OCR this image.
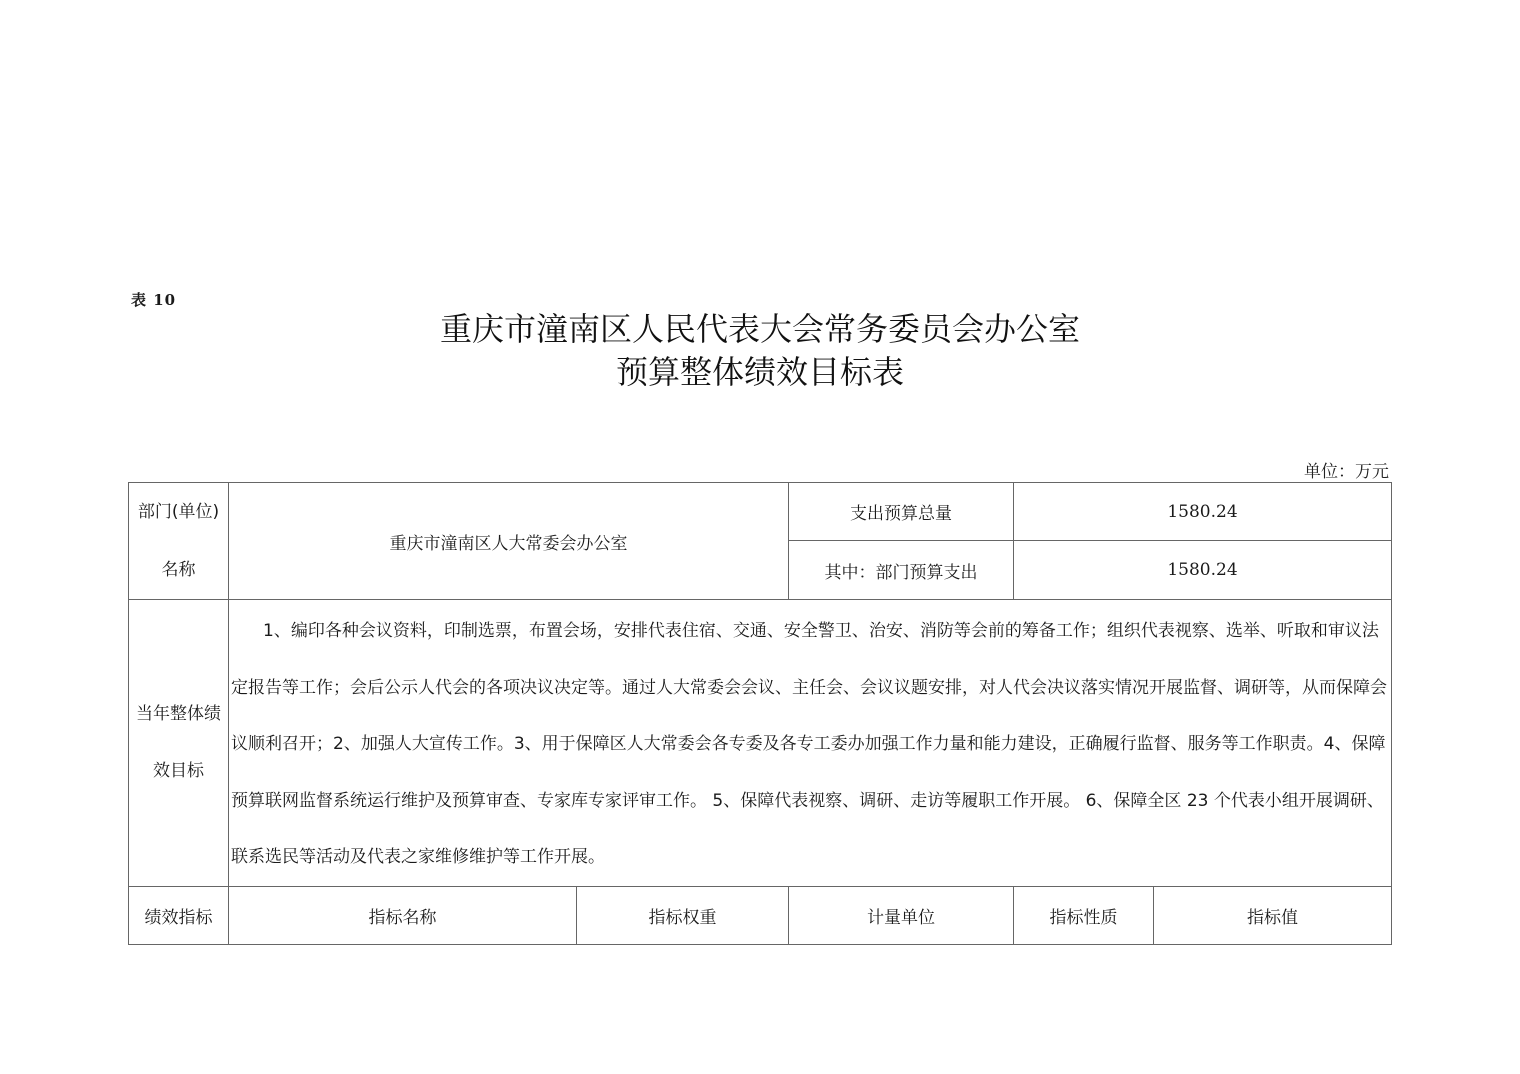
表 10
重庆市潼南区人民代表大会常务委员会办公室
预算整体绩效目标表
单位：万元
部门(单位)
名称	重庆市潼南区人大常委会办公室		支出预算总量	1580.24	
			其中：部门预算支出	1580.24	

当年整体绩
效目标	1、编印各种会议资料，印制选票，布置会场，安排代表住宿、交通、安全警卫、治安、消防等会前的筹备工作；组织代表视察、选举、听取和审议法定报告等工作；会后公示人代会的各项决议决定等。通过人大常委会会议、主任会、会议议题安排，对人代会决议落实情况开展监督、调研等，从而保障会议顺利召开；2、加强人大宣传工作。3、用于保障区人大常委会各专委及各专工委办加强工作力量和能力建设，正确履行监督、服务等工作职责。4、保障预算联网监督系统运行维护及预算审查、专家库专家评审工作。 5、保障代表视察、调研、走访等履职工作开展。 6、保障全区 23 个代表小组开展调研、联系选民等活动及代表之家维修维护等工作开展。				
绩效指标	指标名称	指标权重	计量单位	指标性质	指标值
